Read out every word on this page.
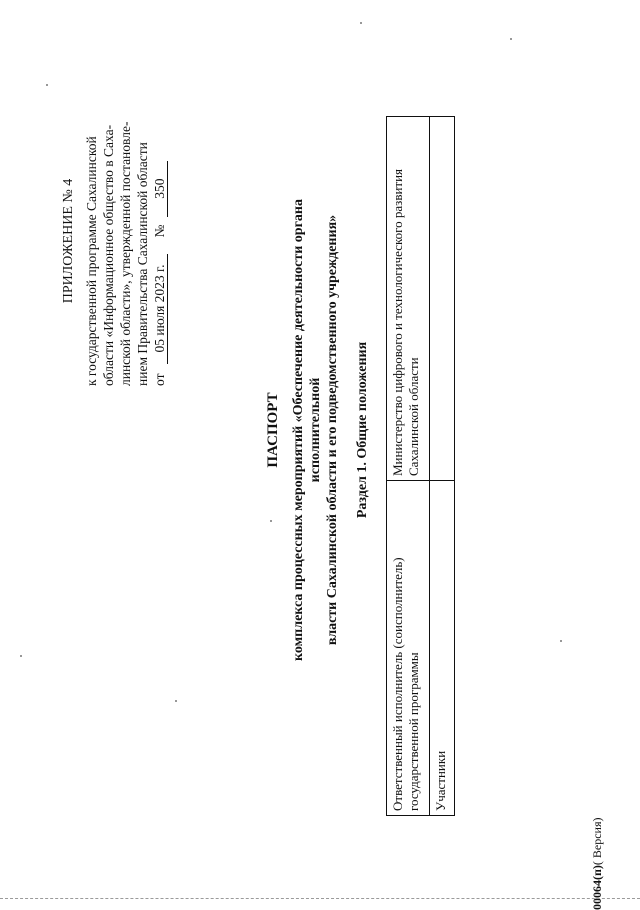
ПРИЛОЖЕНИЕ № 4 к государственной программе Сахалинской области «Информационное общество в Саха- линской области», утвержденной постановле- нием Правительства Сахалинской области от
05 июля 2023 г.
№
350
ПАСПОРТ комплекса процессных мероприятий «Обеспечение деятельности органа исполнительной власти Сахалинской области и его подведомственного учреждения» Раздел 1. Общие положения
Ответственный исполнитель (соисполнитель) государственной программы	Министерство цифрового и технологического развития Сахалинской области
Участники	
00064(п)( Версия)
